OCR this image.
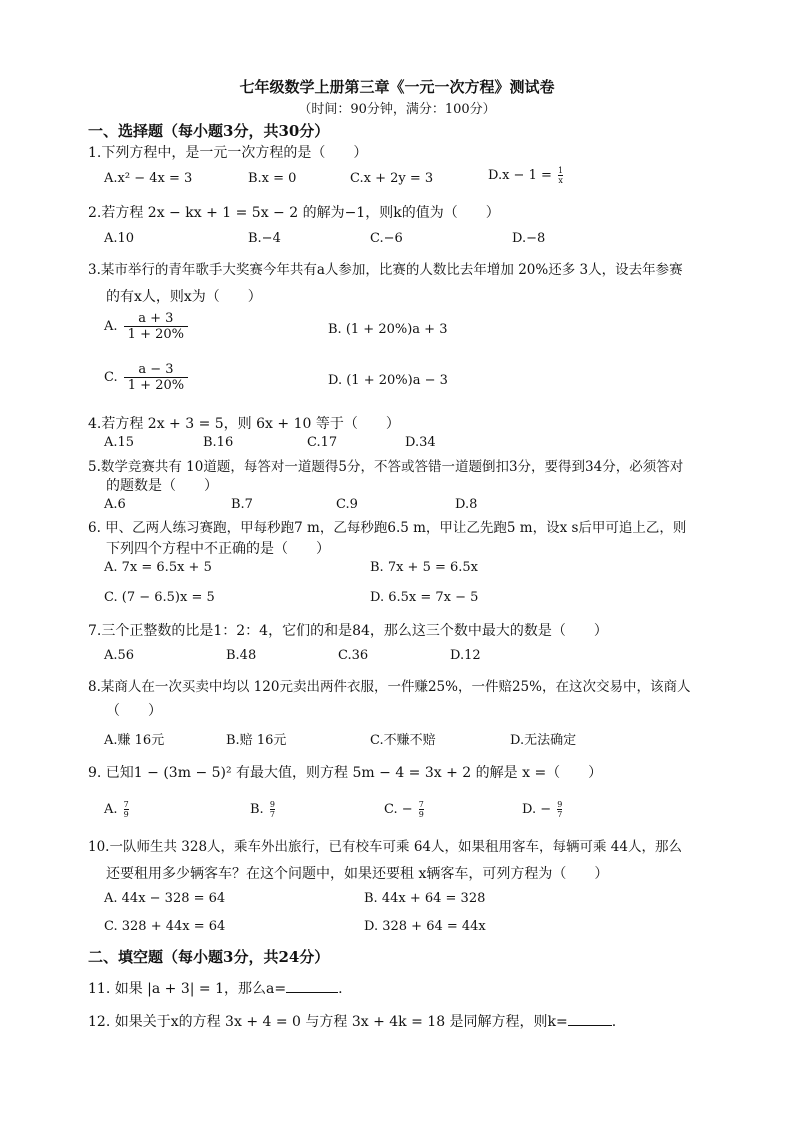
七年级数学上册第三章《一元一次方程》测试卷
（时间：90分钟，满分：100分）
一、选择题（每小题3分，共30分）
1.下列方程中，是一元一次方程的是（　　）
A.x² − 4x = 3	B.x = 0	C.x + 2y = 3	$D.x - 1 = \frac{1}{x}$
2.若方程 2x − kx + 1 = 5x − 2 的解为−1，则k的值为（　　）
A.10	B.−4	C.−6	D.−8
3.某市举行的青年歌手大奖赛今年共有a人参加，比赛的人数比去年增加 20%还多 3人，设去年参赛
的有x人，则x为（　　）
A. $\frac{a + 3}{1 + 20\%}$	B. (1 + 20%)a + 3
C. $\frac{a - 3}{1 + 20\%}$	D. (1 + 20%)a − 3
4.若方程 2x + 3 = 5，则 6x + 10 等于（　　）
A.15	B.16	C.17	D.34
5.数学竞赛共有 10道题，每答对一道题得5分，不答或答错一道题倒扣3分，要得到34分，必须答对
的题数是（　　）
A.6	B.7	C.9	D.8
6. 甲、乙两人练习赛跑，甲每秒跑7 m，乙每秒跑6.5 m，甲让乙先跑5 m，设x s后甲可追上乙，则
下列四个方程中不正确的是（　　）
A. 7x = 6.5x + 5	B. 7x + 5 = 6.5x
C. (7 − 6.5)x = 5	D. 6.5x = 7x − 5
7.三个正整数的比是1：2：4，它们的和是84，那么这三个数中最大的数是（　　）
A.56	B.48	C.36	D.12
8.某商人在一次买卖中均以 120元卖出两件衣服，一件赚25%，一件赔25%，在这次交易中，该商人
（　　）
A.赚 16元	B.赔 16元	C.不赚不赔	D.无法确定
9. 已知1 − (3m − 5)² 有最大值，则方程 5m − 4 = 3x + 2 的解是 x =（　　）
A. $\frac{7}{9}$	B. $\frac{9}{7}$	C. − $\frac{7}{9}$	D. − $\frac{9}{7}$
10.一队师生共 328人，乘车外出旅行，已有校车可乘 64人，如果租用客车，每辆可乘 44人，那么
还要租用多少辆客车？在这个问题中，如果还要租 x辆客车，可列方程为（　　）
A. 44x − 328 = 64	B. 44x + 64 = 328
C. 328 + 44x = 64	D. 328 + 64 = 44x
二、填空题（每小题3分，共24分）
11. 如果 |a + 3| = 1，那么a=	.
12. 如果关于x的方程 3x + 4 = 0 与方程 3x + 4k = 18 是同解方程，则k=	.
